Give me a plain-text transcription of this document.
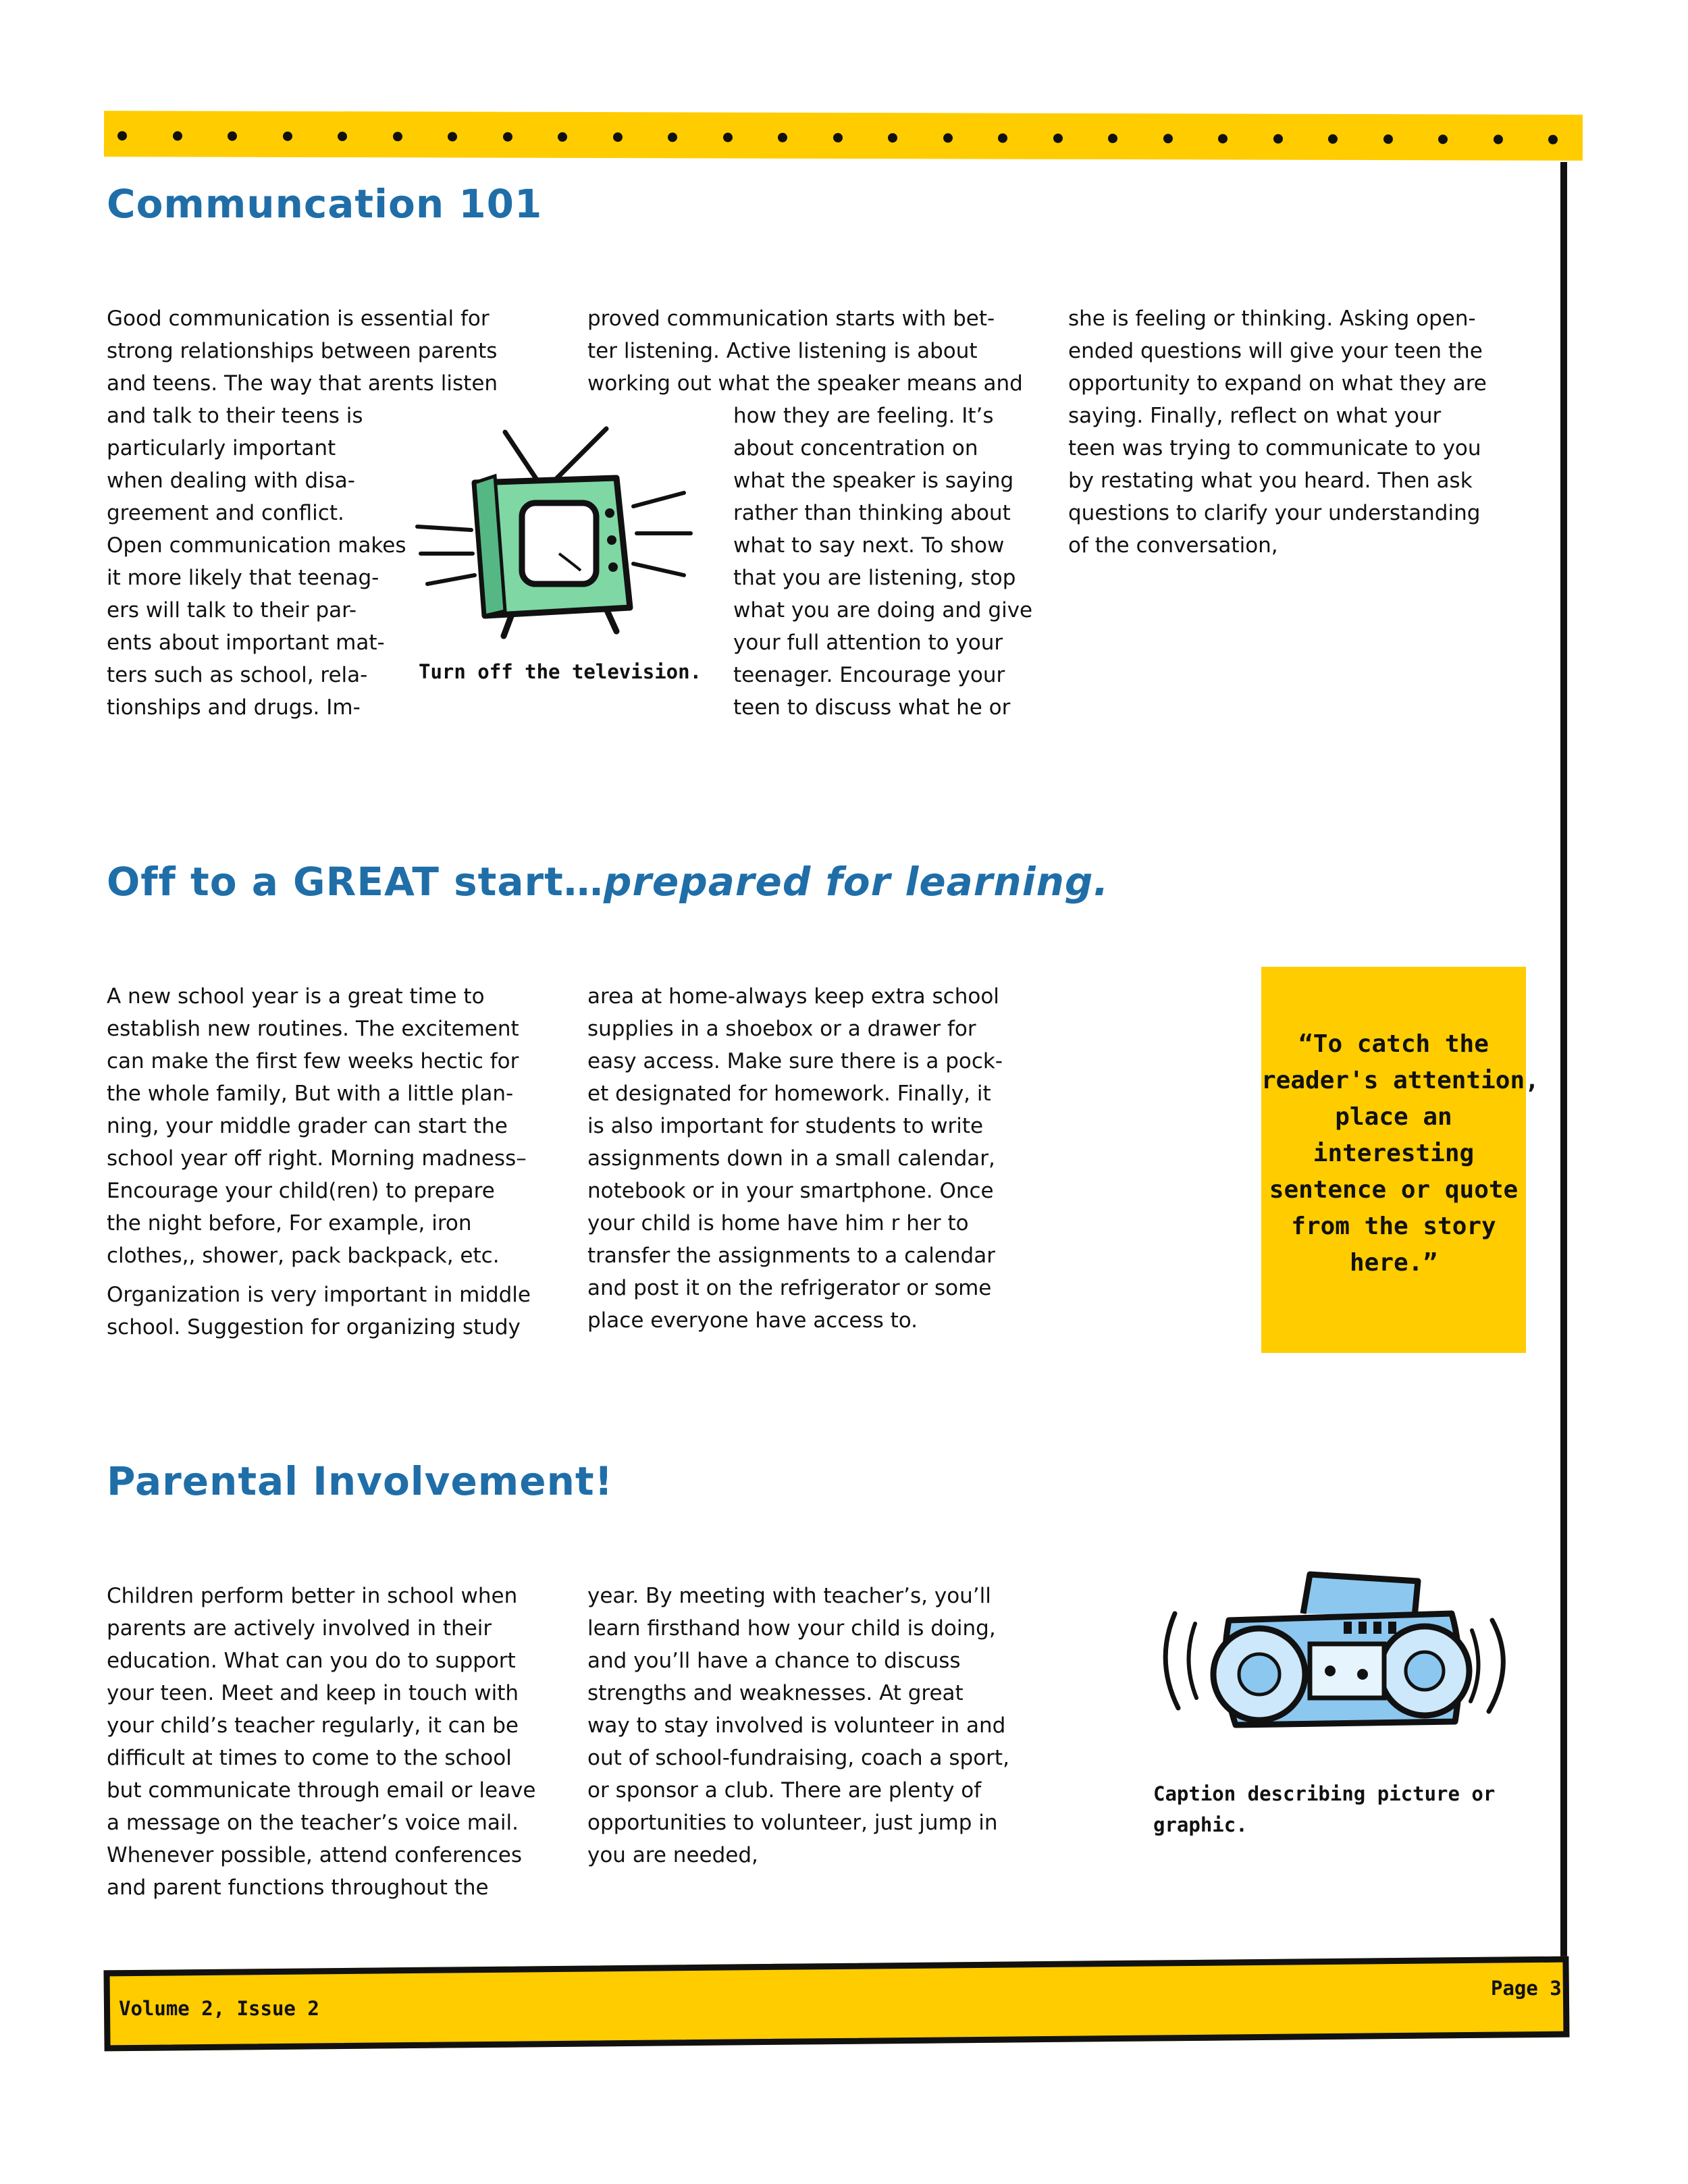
Communcation 101
Good communication is essential for
strong relationships between parents
and teens. The way that arents listen
and talk to their teens is
particularly important
when dealing with disa-
greement and conflict.
Open communication makes
it more likely that teenag-
ers will talk to their par-
ents about important mat-
ters such as school, rela-
tionships and drugs. Im-
proved communication starts with bet-
ter listening. Active listening is about
working out what the speaker means and
how they are feeling. It’s
about concentration on
what the speaker is saying
rather than thinking about
what to say next. To show
that you are listening, stop
what you are doing and give
your full attention to your
teenager. Encourage your
teen to discuss what he or
she is feeling or thinking. Asking open-
ended questions will give your teen the
opportunity to expand on what they are
saying. Finally, reflect on what your
teen was trying to communicate to you
by restating what you heard. Then ask
questions to clarify your understanding
of the conversation,
Turn off the television.
Off to a GREAT start…prepared for learning.
A new school year is a great time to
establish new routines. The excitement
can make the first few weeks hectic for
the whole family, But with a little plan-
ning, your middle grader can start the
school year off right. Morning madness–
Encourage your child(ren) to prepare
the night before, For example, iron
clothes,, shower, pack backpack, etc.
Organization is very important in middle
school. Suggestion for organizing study
area at home-always keep extra school
supplies in a shoebox or a drawer for
easy access. Make sure there is a pock-
et designated for homework. Finally, it
is also important for students to write
assignments down in a small calendar,
notebook or in your smartphone. Once
your child is home have him r her to
transfer the assignments to a calendar
and post it on the refrigerator or some
place everyone have access to.
“To catch the
reader's attention,
place an
interesting
sentence or quote
from the story
here.”
Parental Involvement!
Children perform better in school when
parents are actively involved in their
education. What can you do to support
your teen. Meet and keep in touch with
your child’s teacher regularly, it can be
difficult at times to come to the school
but communicate through email or leave
a message on the teacher’s voice mail.
Whenever possible, attend conferences
and parent functions throughout the
year. By meeting with teacher’s, you’ll
learn firsthand how your child is doing,
and you’ll have a chance to discuss
strengths and weaknesses. At great
way to stay involved is volunteer in and
out of school-fundraising, coach a sport,
or sponsor a club. There are plenty of
opportunities to volunteer, just jump in
you are needed,
Caption describing picture or
graphic.
Volume 2, Issue 2
Page 3
